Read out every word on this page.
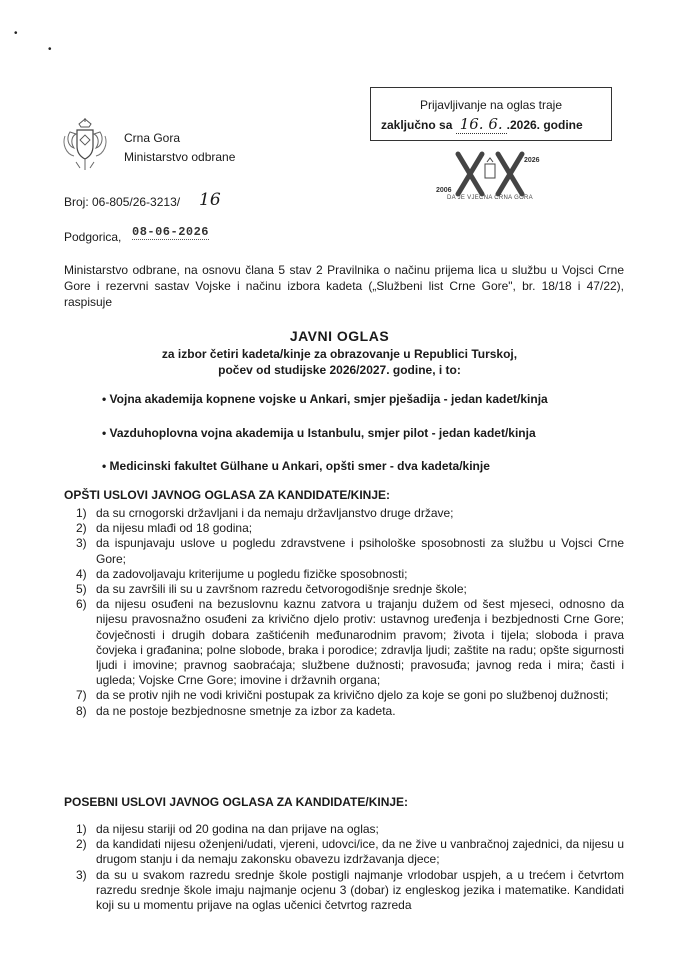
•
•
Crna Gora
Ministarstvo odbrane
Prijavljivanje na oglas traje
zaključno sa 16. 6. .2026. godine
2006
2026
DA JE VJEČNA CRNA GORA
Broj: 06-805/26-3213/ 16
Podgorica, 08-06-2026
Ministarstvo odbrane, na osnovu člana 5 stav 2 Pravilnika o načinu prijema lica u službu u Vojsci Crne Gore i rezervni sastav Vojske i načinu izbora kadeta („Službeni list Crne Gore", br. 18/18 i 47/22), raspisuje
JAVNI OGLAS
za izbor četiri kadeta/kinje za obrazovanje u Republici Turskoj,
počev od studijske 2026/2027. godine, i to:
• Vojna akademija kopnene vojske u Ankari, smjer pješadija - jedan kadet/kinja
• Vazduhoplovna vojna akademija u Istanbulu, smjer pilot - jedan kadet/kinja
• Medicinski fakultet Gülhane u Ankari, opšti smer - dva kadeta/kinje
OPŠTI USLOVI JAVNOG OGLASA ZA KANDIDATE/KINJE:
1) da su crnogorski državljani i da nemaju državljanstvo druge države;
2) da nijesu mlađi od 18 godina;
3) da ispunjavaju uslove u pogledu zdravstvene i psihološke sposobnosti za službu u Vojsci Crne Gore;
4) da zadovoljavaju kriterijume u pogledu fizičke sposobnosti;
5) da su završili ili su u završnom razredu četvorogodišnje srednje škole;
6) da nijesu osuđeni na bezuslovnu kaznu zatvora u trajanju dužem od šest mjeseci, odnosno da nijesu pravosnažno osuđeni za krivično djelo protiv: ustavnog uređenja i bezbjednosti Crne Gore; čovječnosti i drugih dobara zaštićenih međunarodnim pravom; života i tijela; sloboda i prava čovjeka i građanina; polne slobode, braka i porodice; zdravlja ljudi; zaštite na radu; opšte sigurnosti ljudi i imovine; pravnog saobraćaja; službene dužnosti; pravosuđa; javnog reda i mira; časti i ugleda; Vojske Crne Gore; imovine i državnih organa;
7) da se protiv njih ne vodi krivični postupak za krivično djelo za koje se goni po službenoj dužnosti;
8) da ne postoje bezbjednosne smetnje za izbor za kadeta.
POSEBNI USLOVI JAVNOG OGLASA ZA KANDIDATE/KINJE:
1) da nijesu stariji od 20 godina na dan prijave na oglas;
2) da kandidati nijesu oženjeni/udati, vjereni, udovci/ice, da ne žive u vanbračnoj zajednici, da nijesu u drugom stanju i da nemaju zakonsku obavezu izdržavanja djece;
3) da su u svakom razredu srednje škole postigli najmanje vrlodobar uspjeh, a u trećem i četvrtom razredu srednje škole imaju najmanje ocjenu 3 (dobar) iz engleskog jezika i matematike. Kandidati koji su u momentu prijave na oglas učenici četvrtog razreda
